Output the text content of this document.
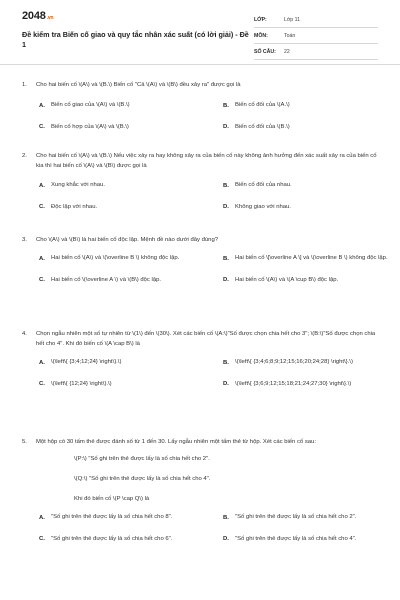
2048.vn
Đề kiểm tra Biến cố giao và quy tắc nhân xác suất (có lời giải) - Đề 1
LỚP:	Lớp 11
MÔN:	Toán
SỐ CÂU:	22
1.	Cho hai biến cố \(A\) và \(B.\) Biến cố "Cả \(A\) và \(B\) đều xảy ra" được gọi là
A.	Biến cố giao của \(A\) và \(B.\)	B.	Biến cố đối của \(A.\)
C.	Biến cố hợp của \(A\) và \(B.\)	D.	Biến cố đối của \(B.\)
2.	Cho hai biến cố \(A\) và \(B.\) Nếu việc xảy ra hay không xảy ra của biến cố này không ảnh hưởng đến xác suất xảy ra của biến cố kia thì hai biến cố \(A\) và \(B\) được gọi là
A.	Xung khắc với nhau.	B.	Biến cố đối của nhau.
C.	Độc lập với nhau.	D.	Không giao với nhau.
3.	Cho \(A\) và \(B\) là hai biến cố độc lập. Mệnh đề nào dưới đây đúng?
A.	Hai biến cố \(A\) và \(\overline B \) không độc lập.	B.	Hai biến cố \[\overline A \] và \(\overline B \) không độc lập.
C.	Hai biến cố \(\overline A \) và \(B\) độc lập.	D.	Hai biến cố \(A\) và \(A \cup B\) độc lập.
4.	Chọn ngẫu nhiên một số tự nhiên từ \(1\) đến \(30\). Xét các biến cố \(A:\)"Số được chọn chia hết cho 3"; \(B:\)"Số được chọn chia hết cho 4". Khi đó biến cố \(A \cap B\) là
A.	\(\left\{ {3;4;12;24} \right\}.\)	B.	\(\left\{ {3;4;6;8;9;12;15;16;20;24;28} \right\}.\)
C.	\(\left\{ {12;24} \right\}.\)	D.	\(\left\{ {3;6;9;12;15;18;21;24;27;30} \right\}.\)
5.	Một hộp có 30 tấm thẻ được đánh số từ 1 đến 30. Lấy ngẫu nhiên một tấm thẻ từ hộp. Xét các biến cố sau:
\(P:\) "Số ghi trên thẻ được lấy là số chia hết cho 2".
\(Q:\) "Số ghi trên thẻ được lấy là số chia hết cho 4".
Khi đó biến cố \(P \cap Q\) là
A.	"Số ghi trên thẻ được lấy là số chia hết cho 8".	B.	"Số ghi trên thẻ được lấy là số chia hết cho 2".
C.	"Số ghi trên thẻ được lấy là số chia hết cho 6".	D.	"Số ghi trên thẻ được lấy là số chia hết cho 4".
